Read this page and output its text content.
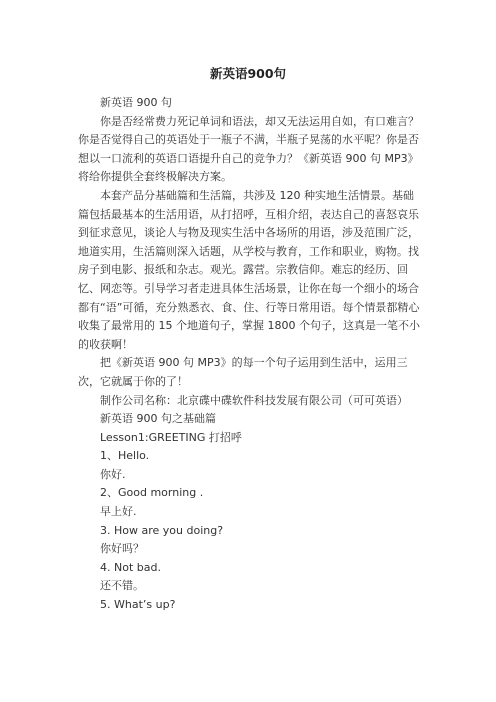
新英语900句

新英语 900 句

你是否经常费力死记单词和语法，却又无法运用自如，有口难言？你是否觉得自己的英语处于一瓶子不满，半瓶子晃荡的水平呢？你是否想以一口流利的英语口语提升自己的竞争力？《新英语 900 句 MP3》将给你提供全套终极解决方案。

本套产品分基础篇和生活篇，共涉及 120 种实地生活情景。基础篇包括最基本的生活用语，从打招呼，互相介绍，表达自己的喜怒哀乐到征求意见，谈论人与物及现实生活中各场所的用语，涉及范围广泛，地道实用，生活篇则深入话题，从学校与教育，工作和职业，购物。找房子到电影、报纸和杂志。观光。露营。宗教信仰。难忘的经历、回忆、网恋等。引导学习者走进具体生活场景，让你在每一个细小的场合都有“语”可循，充分熟悉衣、食、住、行等日常用语。每个情景都精心收集了最常用的 15 个地道句子，掌握 1800 个句子，这真是一笔不小的收获啊！

把《新英语 900 句 MP3》的每一个句子运用到生活中，运用三次，它就属于你的了！

制作公司名称：北京碟中碟软件科技发展有限公司（可可英语）

新英语 900 句之基础篇

Lesson1:GREETING 打招呼

1、Hello.

你好.

2、Good morning .

早上好.

3. How are you doing?

你好吗？

4. Not bad.

还不错。

5. What’s up?
